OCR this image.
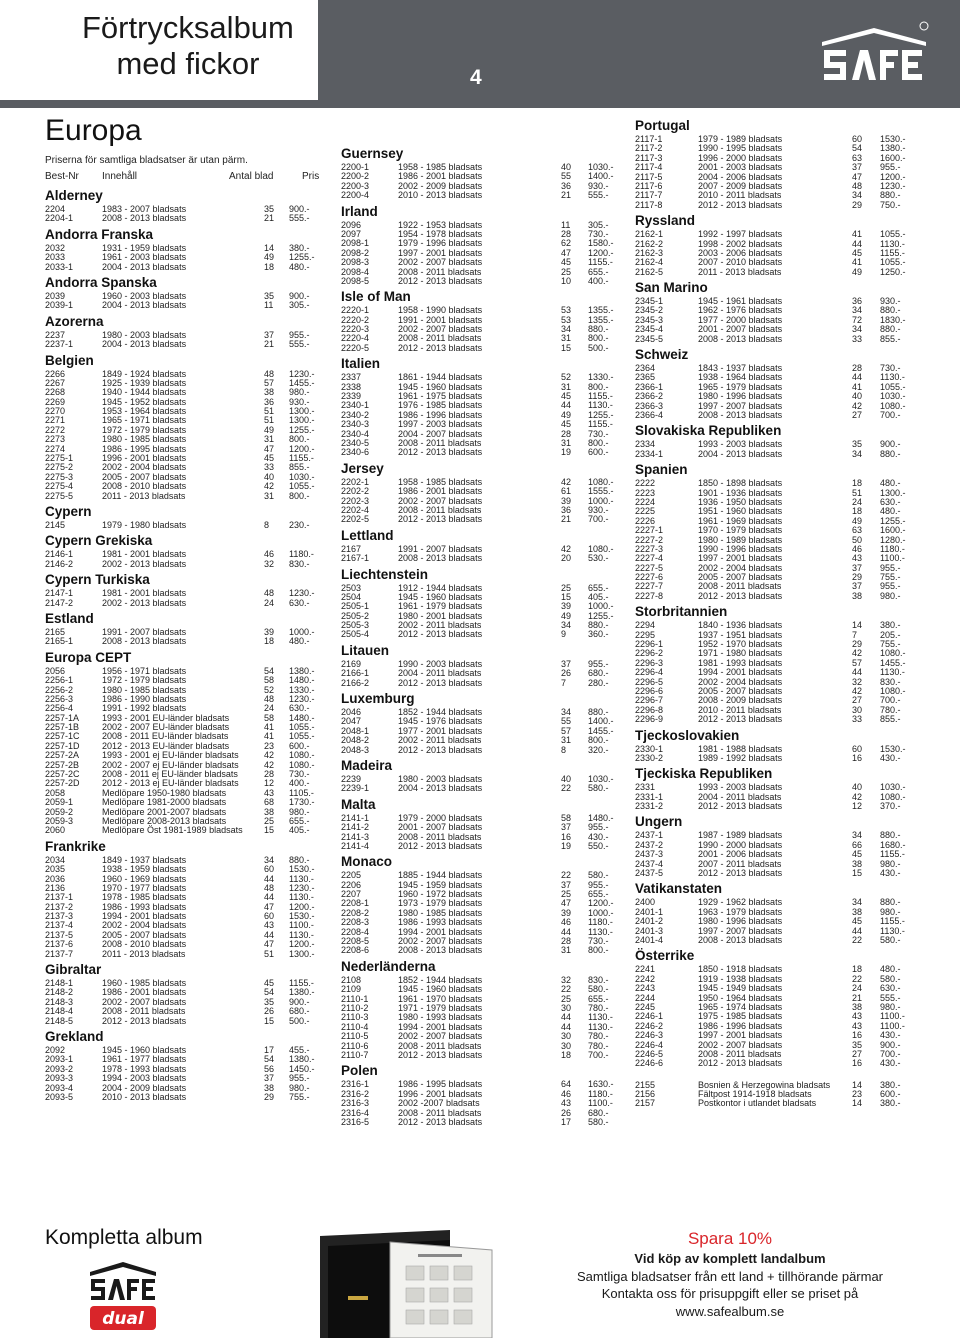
Förtrycksalbum
med fickor	4
Europa
Priserna för samtliga bladsatser är utan pärm.
Best-Nr Innehåll	Antal blad	Pris
Alderney
2204	1983 - 2007 bladsats	35 900.-
2204-1	2008 - 2013 bladsats	21 555.-
Andorra Franska
2032	1931 - 1959 bladsats	14 380.-
2033	1961 - 2003 bladsats	49 1255.-
2033-1	2004 - 2013 bladsats	18 480.-
Andorra Spanska
2039	1960 - 2003 bladsats	35 900.-
2039-1	2004 - 2013 bladsats	11 305.-
Azorerna
2237	1980 - 2003 bladsats	37 955.-
2237-1	2004 - 2013 bladsats	21 555.-
Belgien
2266	1849 - 1924 bladsats	48 1230.-
2267	1925 - 1939 bladsats	57 1455.-
2268	1940 - 1944 bladsats	38 980.-
2269	1945 - 1952 bladsats	36 930.-
2270	1953 - 1964 bladsats	51 1300.-
2271	1965 - 1971 bladsats	51 1300.-
2272	1972 - 1979 bladsats	49 1255.-
2273	1980 - 1985 bladsats	31 800.-
2274	1986 - 1995 bladsats	47 1200.-
2275-1	1996 - 2001 bladsats	45 1155.-
2275-2	2002 - 2004 bladsats	33 855.-
2275-3	2005 - 2007 bladsats	40 1030.-
2275-4	2008 - 2010 bladsats	42 1055.-
2275-5	2011 - 2013 bladsats	31 800.-
Cypern
2145	1979 - 1980 bladsats	8 230.-
Cypern Grekiska
2146-1	1981 - 2001 bladsats	46 1180.-
2146-2	2002 - 2013 bladsats	32 830.-
Cypern Turkiska
2147-1	1981 - 2001 bladsats	48 1230.-
2147-2	2002 - 2013 bladsats	24 630.-
Estland
2165	1991 - 2007 bladsats	39 1000.-
2165-1	2008 - 2013 bladsats	18 480.-
Europa CEPT
2056	1956 - 1971 bladsats	54 1380.-
2256-1	1972 - 1979 bladsats	58 1480.-
2256-2	1980 - 1985 bladsats	52 1330.-
2256-3	1986 - 1990 bladsats	48 1230.-
2256-4	1991 - 1992 bladsats	24 630.-
2257-1A	1993 - 2001 EU-länder bladsats	58 1480.-
2257-1B	2002 - 2007 EU-länder bladsats	41 1055.-
2257-1C 2008 - 2011 EU-länder bladsats	41 1055.-
2257-1D 2012 - 2013 EU-länder bladsats	23 600.-
2257-2A	1993 - 2001 ej EU-länder bladsats	42 1080.-
2257-2B	2002 - 2007 ej EU-länder bladsats	42 1080.-
2257-2C 2008 - 2011 ej EU-länder bladsats	28 730.-
2257-2D 2012 - 2013 ej EU-länder bladsats	12 400.-
2058	Medlöpare 1950-1980 bladsats	43 1105.-
2059-1	Medlöpare 1981-2000 bladsats	68 1730.-
2059-2	Medlöpare 2001-2007 bladsats	38 980.-
2059-3	Medlöpare 2008-2013 bladsats	25 655.-
2060	Medlöpare Öst 1981-1989 bladsats 15 405.-
Frankrike
2034	1849 - 1937 bladsats	34 880.-
2035	1938 - 1959 bladsats	60 1530.-
2036	1960 - 1969 bladsats	44 1130.-
2136	1970 - 1977 bladsats	48 1230.-
2137-1	1978 - 1985 bladsats	44 1130.-
2137-2	1986 - 1993 bladsats	47 1200.-
2137-3	1994 - 2001 bladsats	60 1530.-
2137-4	2002 - 2004 bladsats	43 1100.-
2137-5	2005 - 2007 bladsats	44 1130.-
2137-6	2008 - 2010 bladsats	47 1200.-
2137-7	2011 - 2013 bladsats	51 1300.-
Gibraltar
2148-1	1960 - 1985 bladsats	45 1155.-
2148-2	1986 - 2001 bladsats	54 1380.-
2148-3	2002 - 2007 bladsats	35 900.-
2148-4	2008 - 2011 bladsats	26 680.-
2148-5	2012 - 2013 bladsats	15 500.-
Grekland
2092	1945 - 1960 bladsats	17 455.-
2093-1	1961 - 1977 bladsats	54 1380.-
2093-2	1978 - 1993 bladsats	56 1450.-
2093-3	1994 - 2003 bladsats	37 955.-
2093-4	2004 - 2009 bladsats	38 980.-
2093-5	2010 - 2013 bladsats	29 755.-
Guernsey
2200-1	1958 - 1985 bladsats	40 1030.-
2200-2	1986 - 2001 bladsats	55 1400.-
2200-3	2002 - 2009 bladsats	36 930.-
2200-4	2010 - 2013 bladsats	21 555.-
Irland
2096	1922 - 1953 bladsats	11 305.-
2097	1954 - 1978 bladsats	28 730.-
2098-1	1979 - 1996 bladsats	62 1580.-
2098-2	1997 - 2001 bladsats	47 1200.-
2098-3	2002 - 2007 bladsats	45 1155.-
2098-4	2008 - 2011 bladsats	25 655.-
2098-5	2012 - 2013 bladsats	10 400.-
Isle of Man
2220-1	1958 - 1990 bladsats	53 1355.-
2220-2	1991 - 2001 bladsats	53 1355.-
2220-3	2002 - 2007 bladsats	34 880.-
2220-4	2008 - 2011 bladsats	31 800.-
2220-5	2012 - 2013 bladsats	15 500.-
Italien
2337	1861 - 1944 bladsats	52 1330.-
2338	1945 - 1960 bladsats	31 800.-
2339	1961 - 1975 bladsats	45 1155.-
2340-1	1976 - 1985 bladsats	44 1130.-
2340-2	1986 - 1996 bladsats	49 1255.-
2340-3	1997 - 2003 bladsats	45 1155.-
2340-4	2004 - 2007 bladsats	28 730.-
2340-5	2008 - 2011 bladsats	31 800.-
2340-6	2012 - 2013 bladsats	19 600.-
Jersey
2202-1	1958 - 1985 bladsats	42 1080.-
2202-2	1986 - 2001 bladsats	61 1555.-
2202-3	2002 - 2007 bladsats	39 1000.-
2202-4	2008 - 2011 bladsats	36 930.-
2202-5	2012 - 2013 bladsats	21 700.-
Lettland
2167	1991 - 2007 bladsats	42 1080.-
2167-1	2008 - 2013 bladsats	20 530.-
Liechtenstein
2503	1912 - 1944 bladsats	25 655.-
2504	1945 - 1960 bladsats	15 405.-
2505-1	1961 - 1979 bladsats	39 1000.-
2505-2	1980 - 2001 bladsats	49 1255.-
2505-3	2002 - 2011 bladsats	34 880.-
2505-4	2012 - 2013 bladsats	9 360.-
Litauen
2169	1990 - 2003 bladsats	37 955.-
2166-1	2004 - 2011 bladsats	26 680.-
2166-2	2012 - 2013 bladsats	7 280.-
Luxemburg
2046	1852 - 1944 bladsats	34 880.-
2047	1945 - 1976 bladsats	55 1400.-
2048-1	1977 - 2001 bladsats	57 1455.-
2048-2	2002 - 2011 bladsats	31 800.-
2048-3	2012 - 2013 bladsats	8 320.-
Madeira
2239	1980 - 2003 bladsats	40 1030.-
2239-1	2004 - 2013 bladsats	22 580.-
Malta
2141-1	1979 - 2000 bladsats	58 1480.-
2141-2	2001 - 2007 bladsats	37 955.-
2141-3	2008 - 2011 bladsats	16 430.-
2141-4	2012 - 2013 bladsats	19 550.-
Monaco
2205	1885 - 1944 bladsats	22 580.-
2206	1945 - 1959 bladsats	37 955.-
2207	1960 - 1972 bladsats	25 655.-
2208-1	1973 - 1979 bladsats	47 1200.-
2208-2	1980 - 1985 bladsats	39 1000.-
2208-3	1986 - 1993 bladsats	46 1180.-
2208-4	1994 - 2001 bladsats	44 1130.-
2208-5	2002 - 2007 bladsats	28 730.-
2208-6	2008 - 2013 bladsats	31 800.-
Nederländerna
2108	1852 - 1944 bladsats	32 830.-
2109	1945 - 1960 bladsats	22 580.-
2110-1	1961 - 1970 bladsats	25 655.-
2110-2	1971 - 1979 bladsats	30 780.-
2110-3	1980 - 1993 bladsats	44 1130.-
2110-4	1994 - 2001 bladsats	44 1130.-
2110-5	2002 - 2007 bladsats	30 780.-
2110-6	2008 - 2011 bladsats	30 780.-
2110-7	2012 - 2013 bladsats	18 700.-
Polen
2316-1	1986 - 1995 bladsats	64 1630.-
2316-2	1996 - 2001 bladsats	46 1180.-
2316-3	2002 -2007 bladsats	43 1100.-
2316-4	2008 - 2011 bladsats	26 680.-
2316-5	2012 - 2013 bladsats	17 580.-
Portugal
2117-1	1979 - 1989 bladsats	60 1530.-
2117-2	1990 - 1995 bladsats	54 1380.-
2117-3	1996 - 2000 bladsats	63 1600.-
2117-4	2001 - 2003 bladsats	37 955.-
2117-5	2004 - 2006 bladsats	47 1200.-
2117-6	2007 - 2009 bladsats	48 1230.-
2117-7	2010 - 2011 bladsats	34 880.-
2117-8	2012 - 2013 bladsats	29 750.-
Ryssland
2162-1	1992 - 1997 bladsats	41 1055.-
2162-2	1998 - 2002 bladsats	44 1130.-
2162-3	2003 - 2006 bladsats	45 1155.-
2162-4	2007 - 2010 bladsats	41 1055.-
2162-5	2011 - 2013 bladsats	49 1250.-
San Marino
2345-1	1945 - 1961 bladsats	36 930.-
2345-2	1962 - 1976 bladsats	34 880.-
2345-3	1977 - 2000 bladsats	72 1830.-
2345-4	2001 - 2007 bladsats	34 880.-
2345-5	2008 - 2013 bladsats	33 855.-
Schweiz
2364	1843 - 1937 bladsats	28 730.-
2365	1938 - 1964 bladsats	44 1130.-
2366-1	1965 - 1979 bladsats	41 1055.-
2366-2	1980 - 1996 bladsats	40 1030.-
2366-3	1997 - 2007 bladsats	42 1080.-
2366-4	2008 - 2013 bladsats	27 700.-
Slovakiska Republiken
2334	1993 - 2003 bladsats	35 900.-
2334-1	2004 - 2013 bladsats	34 880.-
Spanien
2222	1850 - 1898 bladsats	18 480.-
2223	1901 - 1936 bladsats	51 1300.-
2224	1936 - 1950 bladsats	24 630.-
2225	1951 - 1960 bladsats	18 480.-
2226	1961 - 1969 bladsats	49 1255.-
2227-1	1970 - 1979 bladsats	63 1600.-
2227-2	1980 - 1989 bladsats	50 1280.-
2227-3	1990 - 1996 bladsats	46 1180.-
2227-4	1997 - 2001 bladsats	43 1100.-
2227-5	2002 - 2004 bladsats	37 955.-
2227-6	2005 - 2007 bladsats	29 755.-
2227-7	2008 - 2011 bladsats	37 955.-
2227-8	2012 - 2013 bladsats	38 980.-
Storbritannien
2294	1840 - 1936 bladsats	14 380.-
2295	1937 - 1951 bladsats	7	205.-
2296-1	1952 - 1970 bladsats	29 755.-
2296-2	1971 - 1980 bladsats	42 1080.-
2296-3	1981 - 1993 bladsats	57 1455.-
2296-4	1994 - 2001 bladsats	44 1130.-
2296-5	2002 - 2004 bladsats	32 830.-
2296-6	2005 - 2007 bladsats	42 1080.-
2296-7	2008 - 2009 bladsats	27 700.-
2296-8	2010 - 2011 bladsats	30 780.-
2296-9	2012 - 2013 bladsats	33 855.-
Tjeckoslovakien
2330-1	1981 - 1988 bladsats	60 1530.-
2330-2	1989 - 1992 bladsats	16 430.-
Tjeckiska Republiken
2331	1993 - 2003 bladsats	40 1030.-
2331-1	2004 - 2011 bladsats	42 1080.-
2331-2	2012 - 2013 bladsats	12 370.-
Ungern
2437-1	1987 - 1989 bladsats	34 880.-
2437-2	1990 - 2000 bladsats	66 1680.-
2437-3	2001 - 2006 bladsats	45 1155.-
2437-4	2007 - 2011 bladsats	38 980.-
2437-5	2012 - 2013 bladsats	15 430.-
Vatikanstaten
2400	1929 - 1962 bladsats	34 880.-
2401-1	1963 - 1979 bladsats	38 980.-
2401-2	1980 - 1996 bladsats	45 1155.-
2401-3	1997 - 2007 bladsats	44 1130.-
2401-4	2008 - 2013 bladsats	22 580.-
Österrike
2241	1850 - 1918 bladsats	18 480.-
2242	1919 - 1938 bladsats	22 580.-
2243	1945 - 1949 bladsats	24 630.-
2244	1950 - 1964 bladsats	21 555.-
2245	1965 - 1974 bladsats	38 980.-
2246-1	1975 - 1985 bladsats	43 1100.-
2246-2	1986 - 1996 bladsats	43 1100.-
2246-3	1997 - 2001 bladsats	16 430.-
2246-4	2002 - 2007 bladsats	35 900.-
2246-5	2008 - 2011 bladsats	27 700.-
2246-6	2012 - 2013 bladsats	16 430.-
2155	Bosnien & Herzegowina bladsats 14 380.-
2156	Fältpost 1914-1918 bladsats	23 600.-
2157	Postkontor i utlandet bladsats	14 380.-
Kompletta album
dual
Spara 10%
Vid köp av komplett landalbum
Samtliga bladsatser från ett land + tillhörande pärmar
Kontakta oss för prisuppgift eller se priset på
www.safealbum.se
